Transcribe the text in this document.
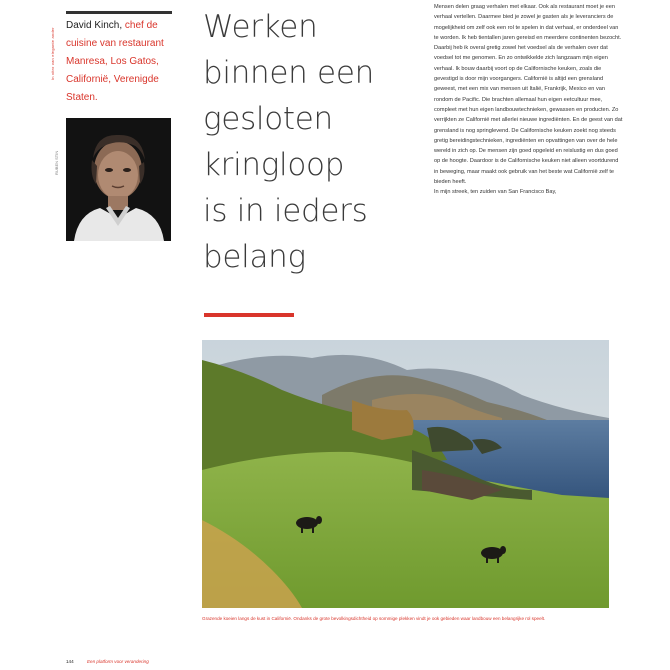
In vitro van elegante ander
RUBEN STIN
David Kinch, chef de cuisine van restaurant Manresa, Los Gatos, Californië, Verenigde Staten.
Werken
binnen een
gesloten
kringloop
is in ieders
belang

Mensen delen graag verhalen met elkaar. Ook als restaurant moet je een verhaal vertellen. Daarmee bied je zowel je gasten als je leveranciers de mogelijkheid om zelf ook een rol te spelen in dat verhaal, er onderdeel van te worden. Ik heb tientallen jaren gereisd en meerdere continenten bezocht. Daarbij heb ik overal gretig zowel het voedsel als de verhalen over dat voedsel tot me genomen. En zo ontwikkelde zich langzaam mijn eigen verhaal. Ik bouw daarbij voort op de Californische keuken, zoals die gevestigd is door mijn voorgangers. Californië is altijd een grensland geweest, met een mix van mensen uit Italië, Frankrijk, Mexico en van rondom de Pacific. Die brachten allemaal hun eigen eetcultuur mee, compleet met hun eigen landbouwtechnieken, gewassen en producten. Zo verrijkten ze Californië met allerlei nieuwe ingrediënten. En de geest van dat grensland is nog springlevend. De Californische keuken zoekt nog steeds gretig bereidingstechnieken, ingrediënten en opvattingen van over de hele wereld in zich op. De mensen zijn goed opgeleid en reislustig en dus goed op de hoogte. Daardoor is de Californische keuken niet alleen voortdurend in beweging, maar maakt ook gebruik van het beste wat Californië zelf te bieden heeft.

In mijn streek, ten zuiden van San Francisco Bay,

Grazende koeien langs de kust in Californië. Ondanks de grote bevolkingsdichtheid op sommige plekken vindt je ook gebieden waar landbouw een belangrijke rol speelt.
144	Een platform voor verandering
